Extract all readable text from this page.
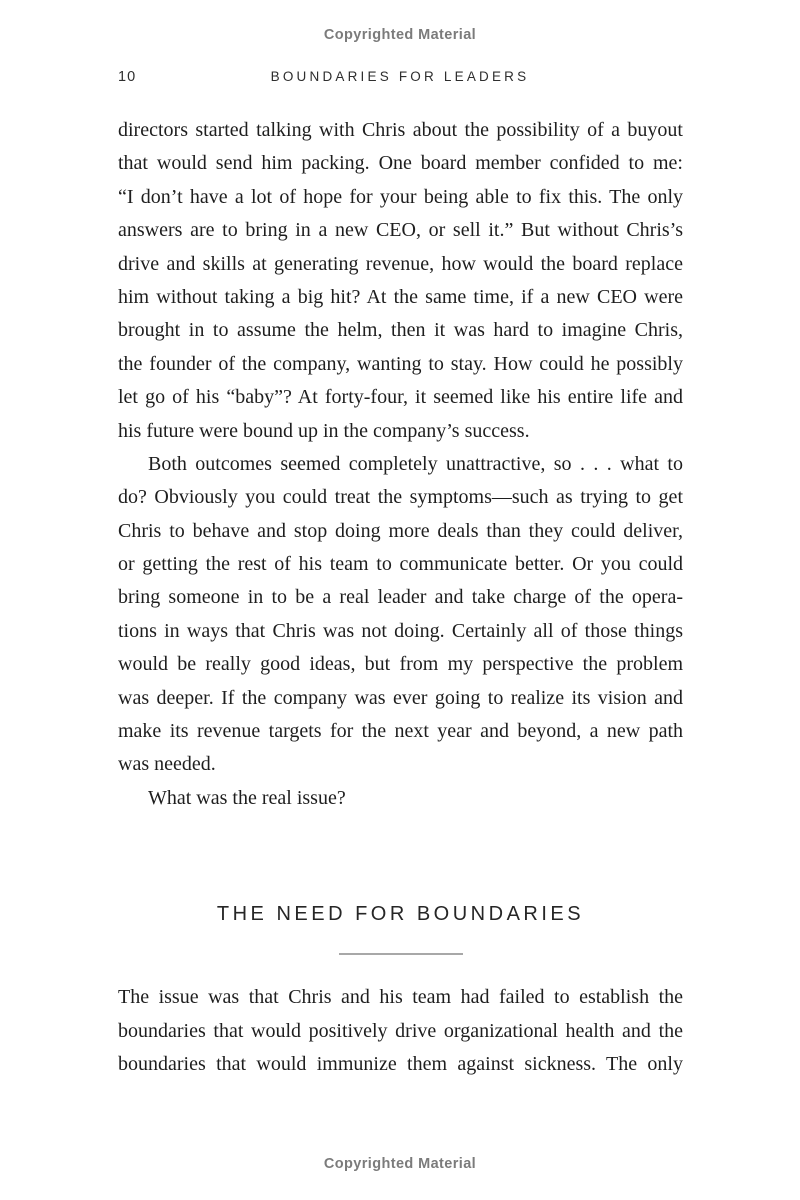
Copyrighted Material
10	BOUNDARIES FOR LEADERS
directors started talking with Chris about the possibility of a buyout
that would send him packing. One board member confided to me:
“I don’t have a lot of hope for your being able to fix this. The only
answers are to bring in a new CEO, or sell it.” But without Chris’s
drive and skills at generating revenue, how would the board replace
him without taking a big hit? At the same time, if a new CEO were
brought in to assume the helm, then it was hard to imagine Chris,
the founder of the company, wanting to stay. How could he possibly
let go of his “baby”? At forty-four, it seemed like his entire life and
his future were bound up in the company’s success.
Both outcomes seemed completely unattractive, so . . . what to
do? Obviously you could treat the symptoms—such as trying to get
Chris to behave and stop doing more deals than they could deliver,
or getting the rest of his team to communicate better. Or you could
bring someone in to be a real leader and take charge of the opera-
tions in ways that Chris was not doing. Certainly all of those things
would be really good ideas, but from my perspective the problem
was deeper. If the company was ever going to realize its vision and
make its revenue targets for the next year and beyond, a new path
was needed.
What was the real issue?
THE NEED FOR BOUNDARIES
The issue was that Chris and his team had failed to establish the
boundaries that would positively drive organizational health and the
boundaries that would immunize them against sickness. The only
Copyrighted Material
